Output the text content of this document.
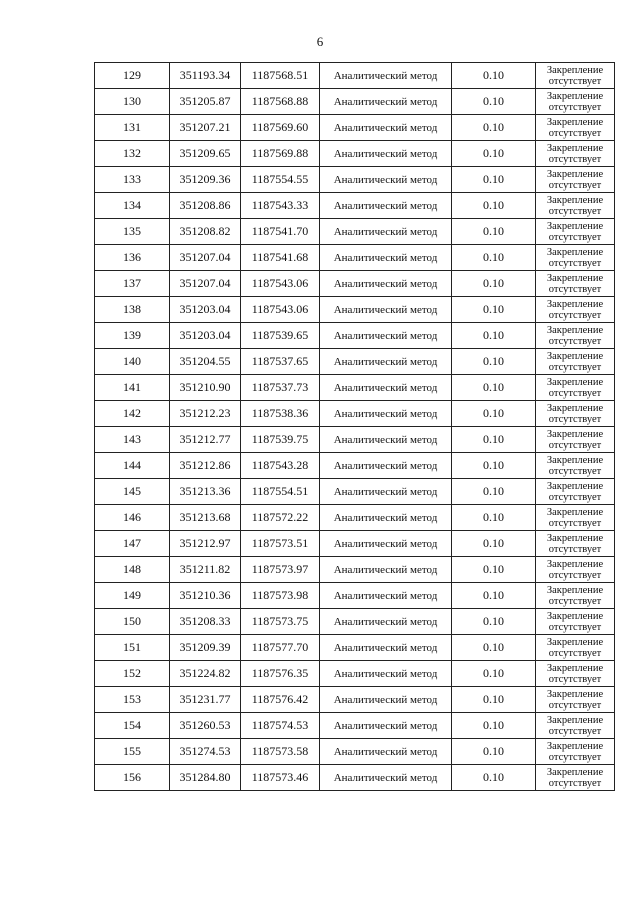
6
129	351193.34	1187568.51	Аналитический метод	0.10	Закрепление
отсутствует

130	351205.87	1187568.88	Аналитический метод	0.10	Закрепление
отсутствует

131	351207.21	1187569.60	Аналитический метод	0.10	Закрепление
отсутствует

132	351209.65	1187569.88	Аналитический метод	0.10	Закрепление
отсутствует

133	351209.36	1187554.55	Аналитический метод	0.10	Закрепление
отсутствует

134	351208.86	1187543.33	Аналитический метод	0.10	Закрепление
отсутствует

135	351208.82	1187541.70	Аналитический метод	0.10	Закрепление
отсутствует

136	351207.04	1187541.68	Аналитический метод	0.10	Закрепление
отсутствует

137	351207.04	1187543.06	Аналитический метод	0.10	Закрепление
отсутствует

138	351203.04	1187543.06	Аналитический метод	0.10	Закрепление
отсутствует

139	351203.04	1187539.65	Аналитический метод	0.10	Закрепление
отсутствует

140	351204.55	1187537.65	Аналитический метод	0.10	Закрепление
отсутствует

141	351210.90	1187537.73	Аналитический метод	0.10	Закрепление
отсутствует

142	351212.23	1187538.36	Аналитический метод	0.10	Закрепление
отсутствует

143	351212.77	1187539.75	Аналитический метод	0.10	Закрепление
отсутствует

144	351212.86	1187543.28	Аналитический метод	0.10	Закрепление
отсутствует

145	351213.36	1187554.51	Аналитический метод	0.10	Закрепление
отсутствует

146	351213.68	1187572.22	Аналитический метод	0.10	Закрепление
отсутствует

147	351212.97	1187573.51	Аналитический метод	0.10	Закрепление
отсутствует

148	351211.82	1187573.97	Аналитический метод	0.10	Закрепление
отсутствует

149	351210.36	1187573.98	Аналитический метод	0.10	Закрепление
отсутствует

150	351208.33	1187573.75	Аналитический метод	0.10	Закрепление
отсутствует

151	351209.39	1187577.70	Аналитический метод	0.10	Закрепление
отсутствует

152	351224.82	1187576.35	Аналитический метод	0.10	Закрепление
отсутствует

153	351231.77	1187576.42	Аналитический метод	0.10	Закрепление
отсутствует

154	351260.53	1187574.53	Аналитический метод	0.10	Закрепление
отсутствует

155	351274.53	1187573.58	Аналитический метод	0.10	Закрепление
отсутствует

156	351284.80	1187573.46	Аналитический метод	0.10	Закрепление
отсутствует
